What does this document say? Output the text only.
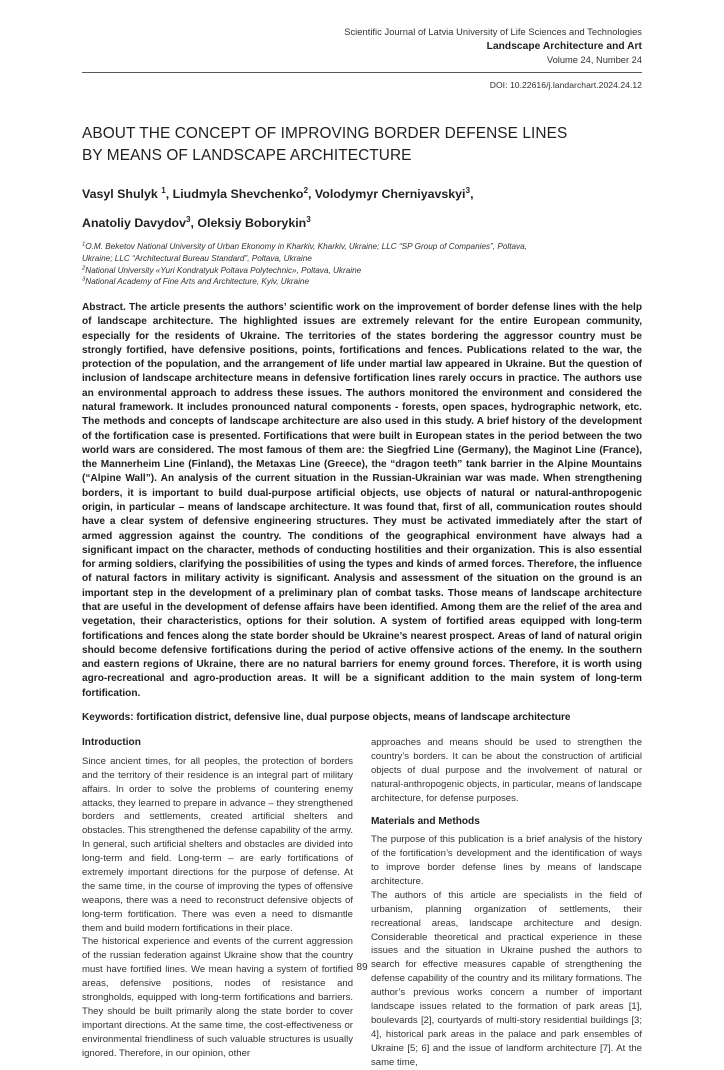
Scientific Journal of Latvia University of Life Sciences and Technologies
Landscape Architecture and Art
Volume 24, Number 24
DOI: 10.22616/j.landarchart.2024.24.12
ABOUT THE CONCEPT OF IMPROVING BORDER DEFENSE LINES
BY MEANS OF LANDSCAPE ARCHITECTURE
Vasyl Shulyk $^1$, Liudmyla Shevchenko$^2$, Volodymyr Cherniyavskyi$^3$,
Anatoliy Davydov$^3$, Oleksiy Boborykin$^3$
$^1$O.M. Beketov National University of Urban Ekonomy in Kharkiv, Kharkiv, Ukraine; LLC “SP Group of Companies”, Poltava,
Ukraine; LLC “Architectural Bureau Standard”, Poltava, Ukraine
$^2$National University «Yuri Kondratyuk Poltava Polytechnic», Poltava, Ukraine
$^3$National Academy of Fine Arts and Architecture, Kyiv, Ukraine

Abstract. The article presents the authors’ scientific work on the improvement of border defense lines with the help of landscape architecture. The highlighted issues are extremely relevant for the entire European community, especially for the residents of Ukraine. The territories of the states bordering the aggressor country must be strongly fortified, have defensive positions, points, fortifications and fences. Publications related to the war, the protection of the population, and the arrangement of life under martial law appeared in Ukraine. But the question of inclusion of landscape architecture means in defensive fortification lines rarely occurs in practice. The authors use an environmental approach to address these issues. The authors monitored the environment and considered the natural framework. It includes pronounced natural components - forests, open spaces, hydrographic network, etc. The methods and concepts of landscape architecture are also used in this study. A brief history of the development of the fortification case is presented. Fortifications that were built in European states in the period between the two world wars are considered. The most famous of them are: the Siegfried Line (Germany), the Maginot Line (France), the Mannerheim Line (Finland), the Metaxas Line (Greece), the “dragon teeth” tank barrier in the Alpine Mountains (“Alpine Wall”). An analysis of the current situation in the Russian-Ukrainian war was made. When strengthening borders, it is important to build dual-purpose artificial objects, use objects of natural or natural-anthropogenic origin, in particular – means of landscape architecture. It was found that, first of all, communication routes should have a clear system of defensive engineering structures. They must be activated immediately after the start of armed aggression against the country. The conditions of the geographical environment have always had a significant impact on the character, methods of conducting hostilities and their organization. This is also essential for arming soldiers, clarifying the possibilities of using the types and kinds of armed forces. Therefore, the influence of natural factors in military activity is significant. Analysis and assessment of the situation on the ground is an important step in the development of a preliminary plan of combat tasks. Those means of landscape architecture that are useful in the development of defense affairs have been identified. Among them are the relief of the area and vegetation, their characteristics, options for their solution. A system of fortified areas equipped with long-term fortifications and fences along the state border should be Ukraine’s nearest prospect. Areas of land of natural origin should become defensive fortifications during the period of active offensive actions of the enemy. In the southern and eastern regions of Ukraine, there are no natural barriers for enemy ground forces. Therefore, it is worth using agro-recreational and agro-production areas. It will be a significant addition to the main system of long-term fortification.

Keywords: fortification district, defensive line, dual purpose objects, means of landscape architecture

Introduction

Since ancient times, for all peoples, the protection of borders and the territory of their residence is an integral part of military affairs. In order to solve the problems of countering enemy attacks, they learned to prepare in advance – they strengthened borders and settlements, created artificial shelters and obstacles. This strengthened the defense capability of the army. In general, such artificial shelters and obstacles are divided into long-term and field. Long-term – are early fortifications of extremely important directions for the purpose of defense. At the same time, in the course of improving the types of offensive weapons, there was a need to reconstruct defensive objects of long-term fortification. There was even a need to dismantle them and build modern fortifications in their place.

The historical experience and events of the current aggression of the russian federation against Ukraine show that the country must have fortified lines. We mean having a system of fortified areas, defensive positions, nodes of resistance and strongholds, equipped with long-term fortifications and barriers. They should be built primarily along the state border to cover important directions. At the same time, the cost-effectiveness or environmental friendliness of such valuable structures is usually ignored. Therefore, in our opinion, other

approaches and means should be used to strengthen the country’s borders. It can be about the construction of artificial objects of dual purpose and the involvement of natural or natural-anthropogenic objects, in particular, means of landscape architecture, for defense purposes.

Materials and Methods

The purpose of this publication is a brief analysis of the history of the fortification’s development and the identification of ways to improve border defense lines by means of landscape architecture.

The authors of this article are specialists in the field of urbanism, planning organization of settlements, their recreational areas, landscape architecture and design. Considerable theoretical and practical experience in these issues and the situation in Ukraine pushed the authors to search for effective measures capable of strengthening the defense capability of the country and its military formations. The author’s previous works concern a number of important landscape issues related to the formation of park areas [1], boulevards [2], courtyards of multi-story residential buildings [3; 4], historical park areas in the palace and park ensembles of Ukraine [5; 6] and the issue of landform architecture [7]. At the same time,

89
